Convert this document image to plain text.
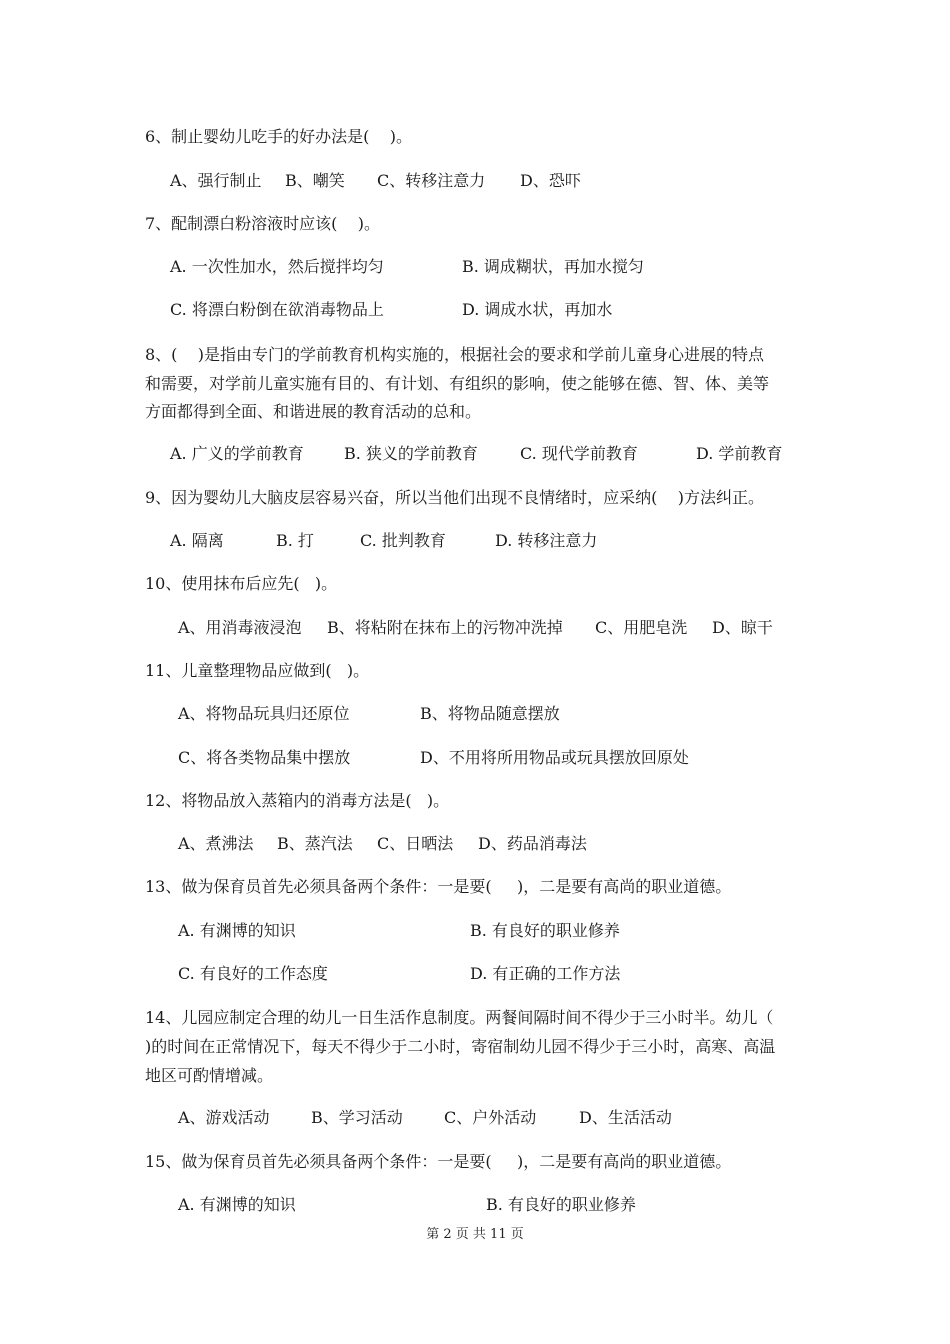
6、制止婴幼儿吃手的好办法是(    )。

A、强行制止

B、嘲笑

C、转移注意力

D、恐吓

7、配制漂白粉溶液时应该(    )。

A. 一次性加水，然后搅拌均匀

	B. 调成糊状，再加水搅匀

C. 将漂白粉倒在欲消毒物品上

	D. 调成水状，再加水

8、(    )是指由专门的学前教育机构实施的，根据社会的要求和学前儿童身心进展的特点
和需要，对学前儿童实施有目的、有计划、有组织的影响，使之能够在德、智、体、美等
方面都得到全面、和谐进展的教育活动的总和。

A. 广义的学前教育

	B. 狭义的学前教育

	C. 现代学前教育

	D. 学前教育

9、因为婴幼儿大脑皮层容易兴奋，所以当他们出现不良情绪时，应采纳(    )方法纠正。

A. 隔离

	B. 打

	C. 批判教育

	D. 转移注意力

10、使用抹布后应先(   )。

A、用消毒液浸泡

B、将粘附在抹布上的污物冲洗掉

C、用肥皂洗

D、晾干

11、儿童整理物品应做到(   )。

A、将物品玩具归还原位

	B、将物品随意摆放

C、将各类物品集中摆放

	D、不用将所用物品或玩具摆放回原处

12、将物品放入蒸箱内的消毒方法是(   )。

A、煮沸法

B、蒸汽法

C、日晒法

D、药品消毒法

13、做为保育员首先必须具备两个条件：一是要(     )，二是要有高尚的职业道德。

A. 有渊博的知识

	B. 有良好的职业修养

C. 有良好的工作态度

	D. 有正确的工作方法

14、儿园应制定合理的幼儿一日生活作息制度。两餐间隔时间不得少于三小时半。幼儿（
)的时间在正常情况下，每天不得少于二小时，寄宿制幼儿园不得少于三小时，高寒、高温
地区可酌情增减。

A、游戏活动

	B、学习活动

	C、户外活动

	D、生活活动

15、做为保育员首先必须具备两个条件：一是要(     )，二是要有高尚的职业道德。

A. 有渊博的知识

	B. 有良好的职业修养

第 2 页 共 11 页
